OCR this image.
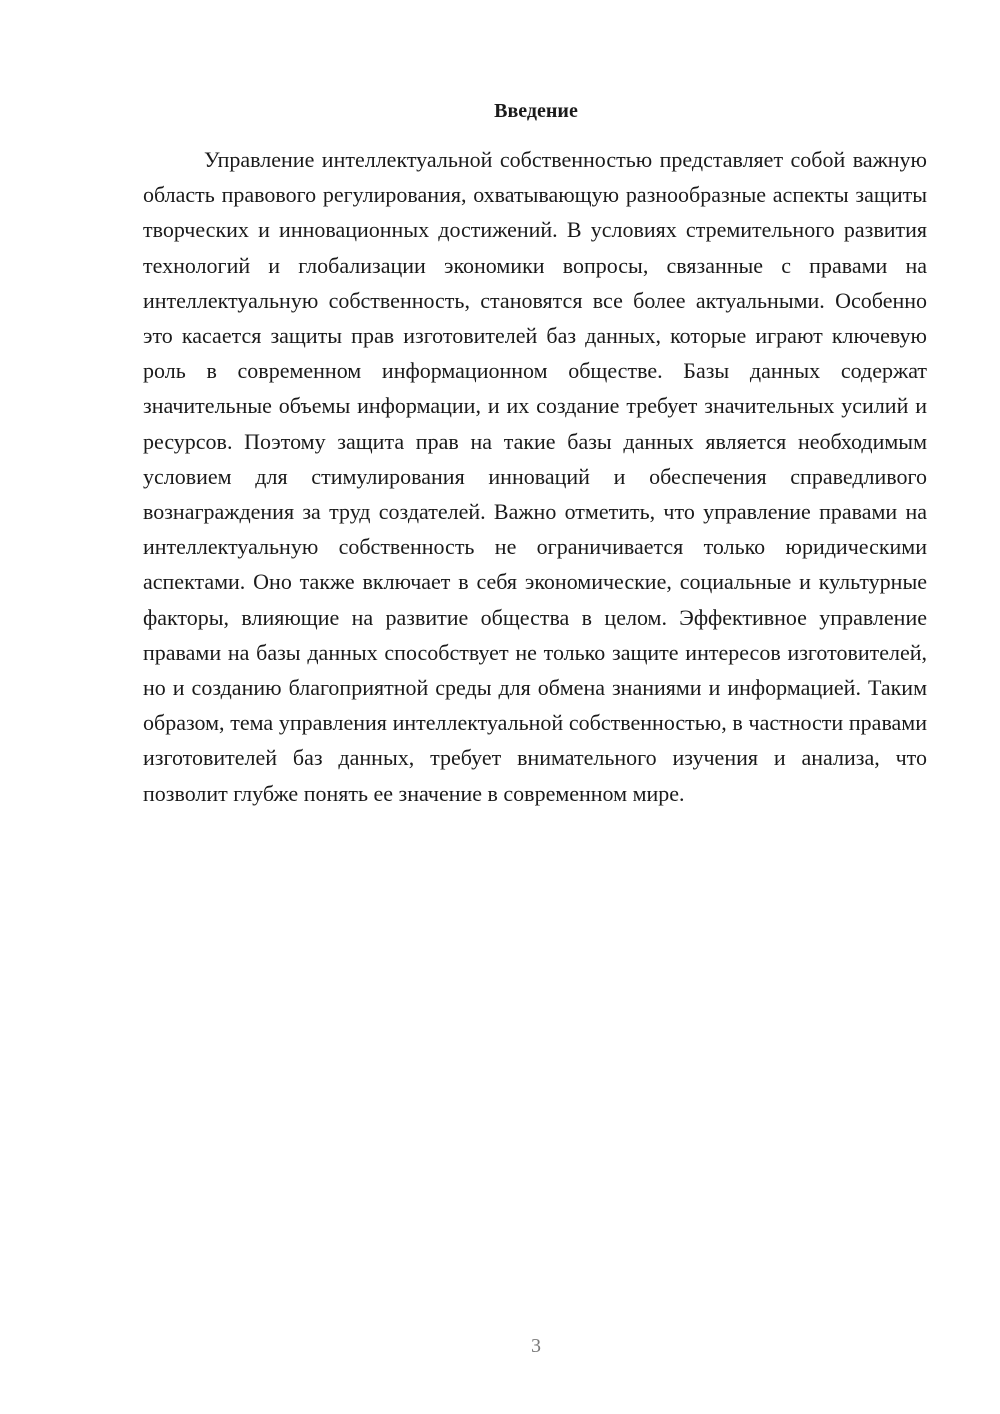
Введение

Управление интеллектуальной собственностью представляет собой важную область правового регулирования, охватывающую разнообразные аспекты защиты творческих и инновационных достижений. В условиях стремительного развития технологий и глобализации экономики вопросы, связанные с правами на интеллектуальную собственность, становятся все более актуальными. Особенно это касается защиты прав изготовителей баз данных, которые играют ключевую роль в современном информационном обществе. Базы данных содержат значительные объемы информации, и их создание требует значительных усилий и ресурсов. Поэтому защита прав на такие базы данных является необходимым условием для стимулирования инноваций и обеспечения справедливого вознаграждения за труд создателей. Важно отметить, что управление правами на интеллектуальную собственность не ограничивается только юридическими аспектами. Оно также включает в себя экономические, социальные и культурные факторы, влияющие на развитие общества в целом. Эффективное управление правами на базы данных способствует не только защите интересов изготовителей, но и созданию благоприятной среды для обмена знаниями и информацией. Таким образом, тема управления интеллектуальной собственностью, в частности правами изготовителей баз данных, требует внимательного изучения и анализа, что позволит глубже понять ее значение в современном мире.

3
